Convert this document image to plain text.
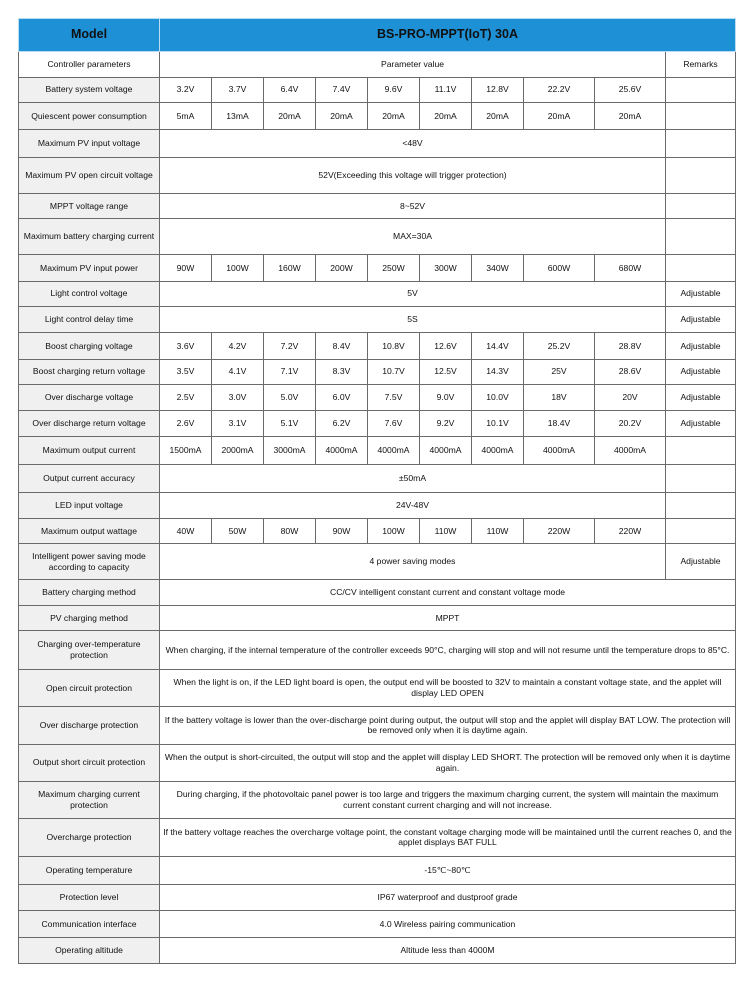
Model	BS-PRO-MPPT(IoT) 30A									
Controller parameters	Parameter value									Remarks
Battery system voltage	3.2V	3.7V	6.4V	7.4V	9.6V	11.1V	12.8V	22.2V	25.6V	
Quiescent power consumption	5mA	13mA	20mA	20mA	20mA	20mA	20mA	20mA	20mA	
Maximum PV input voltage	<48V									
Maximum PV open circuit voltage	52V(Exceeding this voltage will trigger protection)									
MPPT voltage range	8~52V									
Maximum battery charging current	MAX=30A									
Maximum PV input power	90W	100W	160W	200W	250W	300W	340W	600W	680W	
Light control voltage	5V									Adjustable
Light control delay time	5S									Adjustable
Boost charging voltage	3.6V	4.2V	7.2V	8.4V	10.8V	12.6V	14.4V	25.2V	28.8V	Adjustable
Boost charging return voltage	3.5V	4.1V	7.1V	8.3V	10.7V	12.5V	14.3V	25V	28.6V	Adjustable
Over discharge voltage	2.5V	3.0V	5.0V	6.0V	7.5V	9.0V	10.0V	18V	20V	Adjustable
Over discharge return voltage	2.6V	3.1V	5.1V	6.2V	7.6V	9.2V	10.1V	18.4V	20.2V	Adjustable
Maximum output current	1500mA	2000mA	3000mA	4000mA	4000mA	4000mA	4000mA	4000mA	4000mA	
Output current accuracy	±50mA									
LED input voltage	24V-48V									
Maximum output wattage	40W	50W	80W	90W	100W	110W	110W	220W	220W	
Intelligent power saving mode according to capacity	4 power saving modes									Adjustable
Battery charging method	CC/CV intelligent constant current and constant voltage mode									
PV charging method	MPPT									
Charging over-temperature protection	When charging, if the internal temperature of the controller exceeds 90°C, charging will stop and will not resume until the temperature drops to 85°C.									
Open circuit protection	When the light is on, if the LED light board is open, the output end will be boosted to 32V to maintain a constant voltage state, and the applet will display LED OPEN									
Over discharge protection	If the battery voltage is lower than the over-discharge point during output, the output will stop and the applet will display BAT LOW. The protection will be removed only when it is daytime again.									
Output short circuit protection	When the output is short-circuited, the output will stop and the applet will display LED SHORT. The protection will be removed only when it is daytime again.									
Maximum charging current protection	During charging, if the photovoltaic panel power is too large and triggers the maximum charging current, the system will maintain the maximum current constant current charging and will not increase.									
Overcharge protection	If the battery voltage reaches the overcharge voltage point, the constant voltage charging mode will be maintained until the current reaches 0, and the applet displays BAT FULL									
Operating temperature	-15℃~80℃									
Protection level	IP67 waterproof and dustproof grade									
Communication interface	4.0 Wireless pairing communication									
Operating altitude	Altitude less than 4000M									
